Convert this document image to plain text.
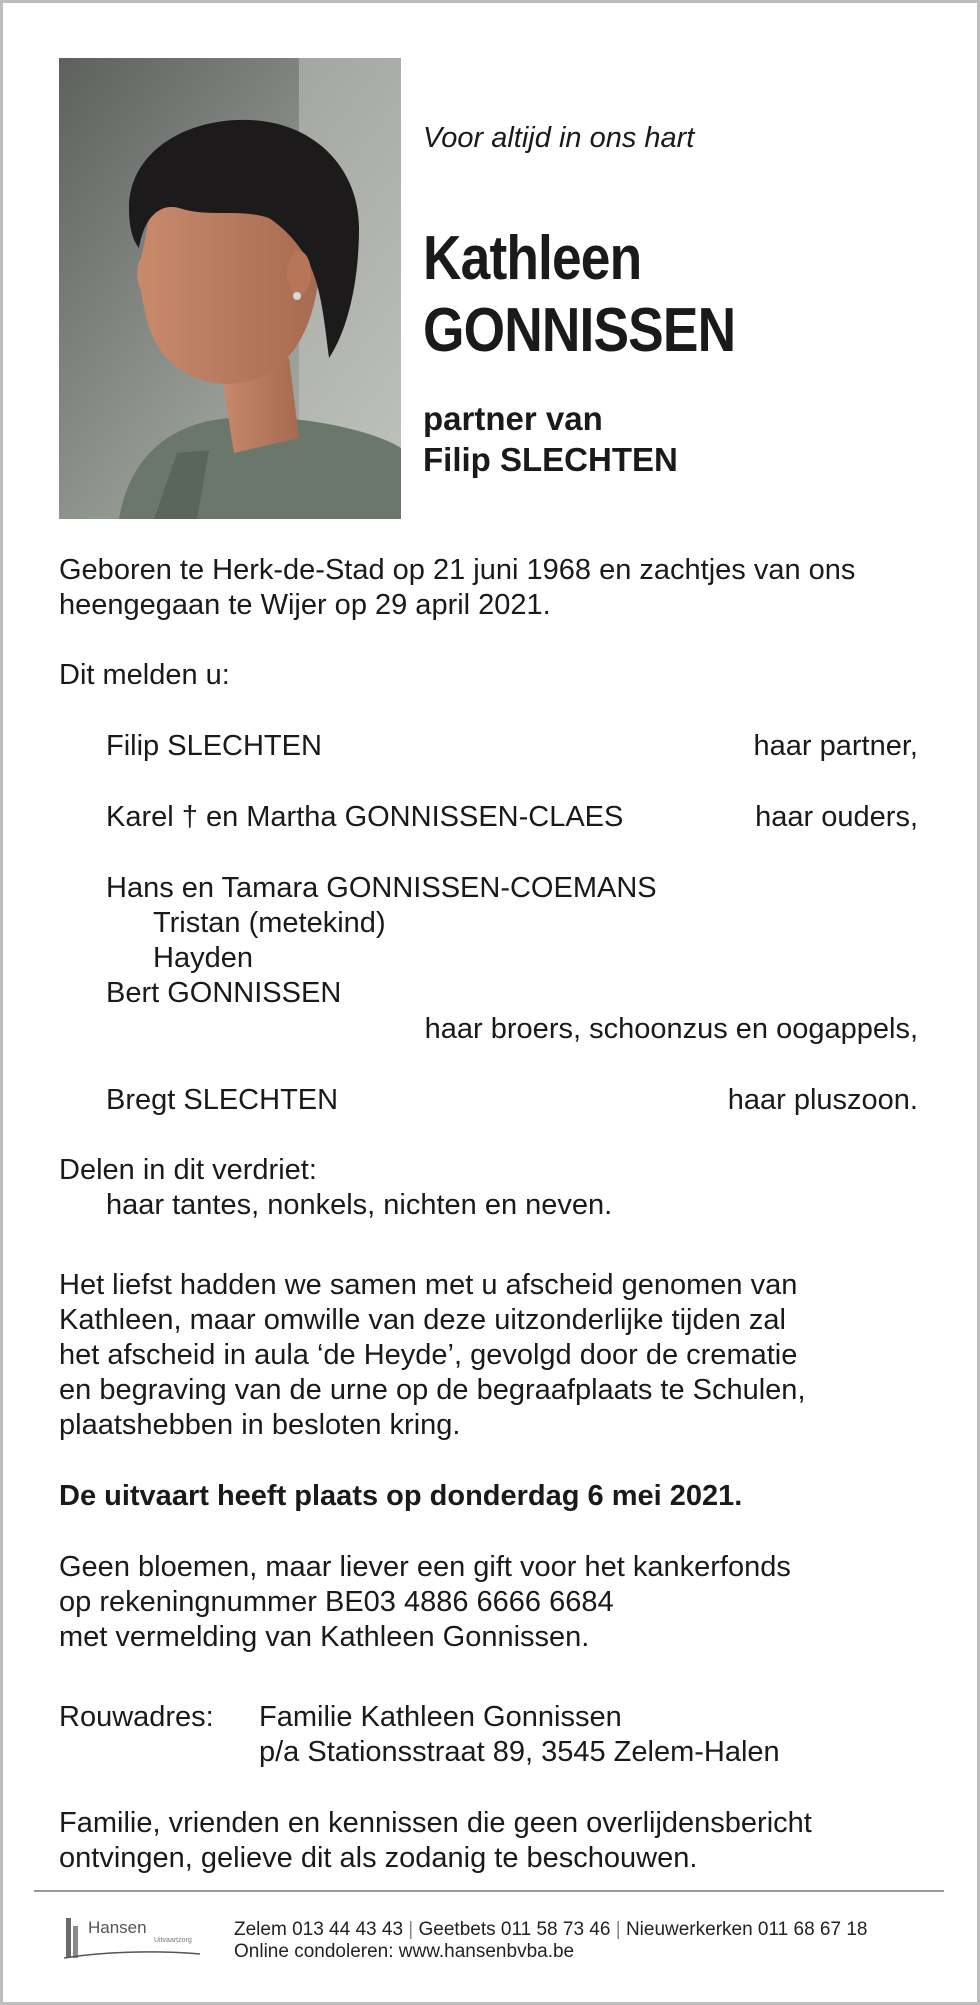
Voor altijd in ons hart
Kathleen
GONNISSEN
partner van
Filip SLECHTEN
Geboren te Herk-de-Stad op 21 juni 1968 en zachtjes van ons
heengegaan te Wijer op 29 april 2021.
Dit melden u:
Filip SLECHTEN	haar partner,
Karel † en Martha GONNISSEN-CLAES	haar ouders,
Hans en Tamara GONNISSEN-COEMANS
Tristan (metekind)
Hayden
Bert GONNISSEN
haar broers, schoonzus en oogappels,
Bregt SLECHTEN	haar pluszoon.
Delen in dit verdriet:
haar tantes, nonkels, nichten en neven.
Het liefst hadden we samen met u afscheid genomen van
Kathleen, maar omwille van deze uitzonderlijke tijden zal
het afscheid in aula ‘de Heyde’, gevolgd door de crematie
en begraving van de urne op de begraafplaats te Schulen,
plaatshebben in besloten kring.
De uitvaart heeft plaats op donderdag 6 mei 2021.
Geen bloemen, maar liever een gift voor het kankerfonds
op rekeningnummer BE03 4886 6666 6684
met vermelding van Kathleen Gonnissen.
Rouwadres: Familie Kathleen Gonnissen
p/a Stationsstraat 89, 3545 Zelem-Halen
Familie, vrienden en kennissen die geen overlijdensbericht
ontvingen, gelieve dit als zodanig te beschouwen.
Hansen
Uitvaartzorg
Zelem 013 44 43 43 | Geetbets 011 58 73 46 | Nieuwerkerken 011 68 67 18
Online condoleren: www.hansenbvba.be
